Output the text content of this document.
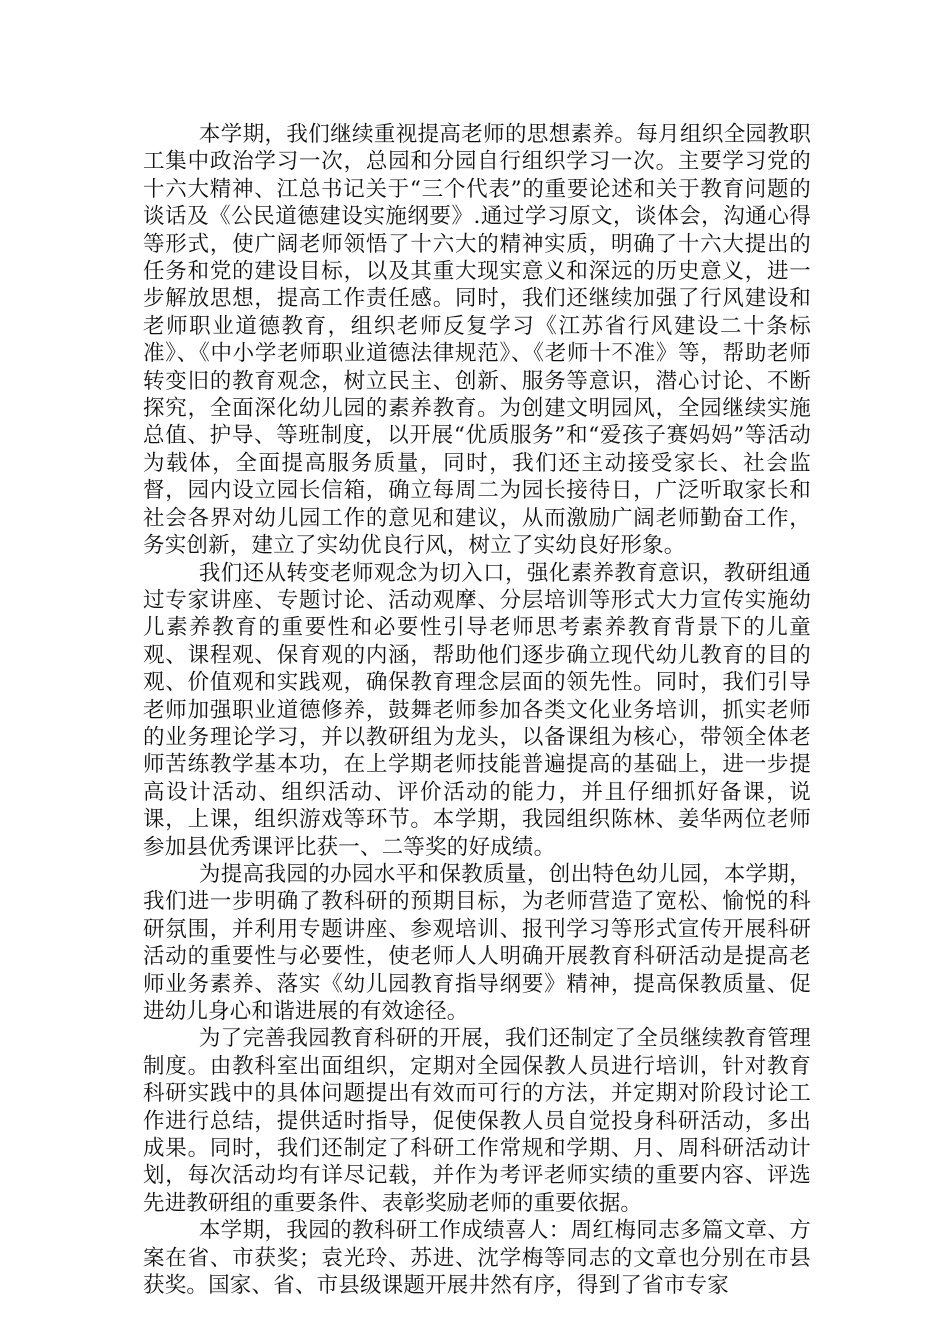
本学期，我们继续重视提高老师的思想素养。每月组织全园教职工集中政治学习一次，总园和分园自行组织学习一次。主要学习党的十六大精神、江总书记关于“三个代表”的重要论述和关于教育问题的谈话及《公民道德建设实施纲要》.通过学习原文，谈体会，沟通心得等形式，使广阔老师领悟了十六大的精神实质，明确了十六大提出的任务和党的建设目标，以及其重大现实意义和深远的历史意义，进一步解放思想，提高工作责任感。同时，我们还继续加强了行风建设和老师职业道德教育，组织老师反复学习《江苏省行风建设二十条标准》、《中小学老师职业道德法律规范》、《老师十不准》等，帮助老师转变旧的教育观念，树立民主、创新、服务等意识，潜心讨论、不断探究，全面深化幼儿园的素养教育。为创建文明园风，全园继续实施总值、护导、等班制度，以开展“优质服务”和“爱孩子赛妈妈”等活动为载体，全面提高服务质量，同时，我们还主动接受家长、社会监督，园内设立园长信箱，确立每周二为园长接待日，广泛听取家长和社会各界对幼儿园工作的意见和建议，从而激励广阔老师勤奋工作，务实创新，建立了实幼优良行风，树立了实幼良好形象。

我们还从转变老师观念为切入口，强化素养教育意识，教研组通过专家讲座、专题讨论、活动观摩、分层培训等形式大力宣传实施幼儿素养教育的重要性和必要性引导老师思考素养教育背景下的儿童观、课程观、保育观的内涵，帮助他们逐步确立现代幼儿教育的目的观、价值观和实践观，确保教育理念层面的领先性。同时，我们引导老师加强职业道德修养，鼓舞老师参加各类文化业务培训，抓实老师的业务理论学习，并以教研组为龙头，以备课组为核心，带领全体老师苦练教学基本功，在上学期老师技能普遍提高的基础上，进一步提高设计活动、组织活动、评价活动的能力，并且仔细抓好备课，说课，上课，组织游戏等环节。本学期，我园组织陈林、姜华两位老师参加县优秀课评比获一、二等奖的好成绩。

为提高我园的办园水平和保教质量，创出特色幼儿园，本学期，我们进一步明确了教科研的预期目标，为老师营造了宽松、愉悦的科研氛围，并利用专题讲座、参观培训、报刊学习等形式宣传开展科研活动的重要性与必要性，使老师人人明确开展教育科研活动是提高老师业务素养、落实《幼儿园教育指导纲要》精神，提高保教质量、促进幼儿身心和谐进展的有效途径。

为了完善我园教育科研的开展，我们还制定了全员继续教育管理制度。由教科室出面组织，定期对全园保教人员进行培训，针对教育科研实践中的具体问题提出有效而可行的方法，并定期对阶段讨论工作进行总结，提供适时指导，促使保教人员自觉投身科研活动，多出成果。同时，我们还制定了科研工作常规和学期、月、周科研活动计划，每次活动均有详尽记载，并作为考评老师实绩的重要内容、评选先进教研组的重要条件、表彰奖励老师的重要依据。

本学期，我园的教科研工作成绩喜人：周红梅同志多篇文章、方案在省、市获奖；袁光玲、苏进、沈学梅等同志的文章也分别在市县获奖。国家、省、市县级课题开展井然有序，得到了省市专家
